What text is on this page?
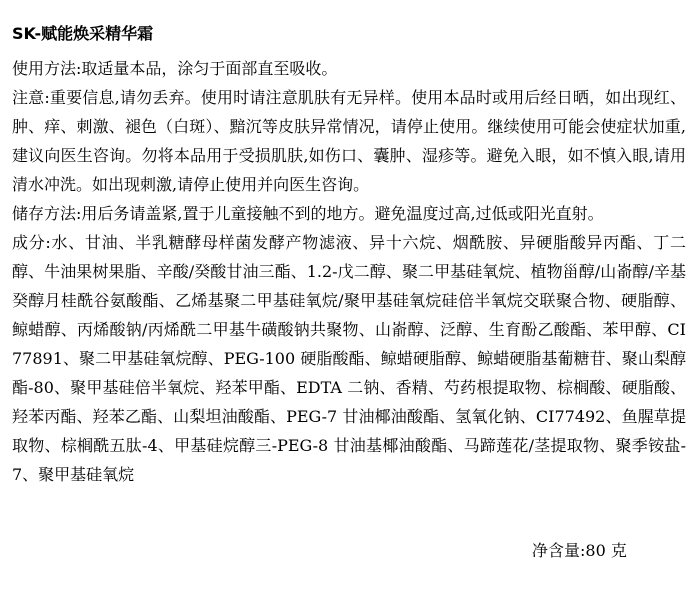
SK-赋能焕采精华霜

使用方法:取适量本品，涂匀于面部直至吸收。

注意:重要信息,请勿丢弃。使用时请注意肌肤有无异样。使用本品时或用后经日晒，如出现红、肿、痒、刺激、褪色（白斑）、黯沉等皮肤异常情况，请停止使用。继续使用可能会使症状加重,建议向医生咨询。勿将本品用于受损肌肤,如伤口、囊肿、湿疹等。避免入眼，如不慎入眼,请用清水冲洗。如出现刺激,请停止使用并向医生咨询。

储存方法:用后务请盖紧,置于儿童接触不到的地方。避免温度过高,过低或阳光直射。

成分:水、甘油、半乳糖酵母样菌发酵产物滤液、异十六烷、烟酰胺、异硬脂酸异丙酯、丁二醇、牛油果树果脂、辛酸/癸酸甘油三酯、1.2-戊二醇、聚二甲基硅氧烷、植物甾醇/山嵛醇/辛基癸醇月桂酰谷氨酸酯、乙烯基聚二甲基硅氧烷/聚甲基硅氧烷硅倍半氧烷交联聚合物、硬脂醇、鲸蜡醇、丙烯酸钠/丙烯酰二甲基牛磺酸钠共聚物、山嵛醇、泛醇、生育酚乙酸酯、苯甲醇、CI77891、聚二甲基硅氧烷醇、PEG-100 硬脂酸酯、鲸蜡硬脂醇、鲸蜡硬脂基葡糖苷、聚山梨醇酯-80、聚甲基硅倍半氧烷、羟苯甲酯、EDTA 二钠、香精、芍药根提取物、棕榈酸、硬脂酸、羟苯丙酯、羟苯乙酯、山梨坦油酸酯、PEG-7 甘油椰油酸酯、氢氧化钠、CI77492、鱼腥草提取物、棕榈酰五肽-4、甲基硅烷醇三-PEG-8 甘油基椰油酸酯、马蹄莲花/茎提取物、聚季铵盐-7、聚甲基硅氧烷

净含量:80 克
